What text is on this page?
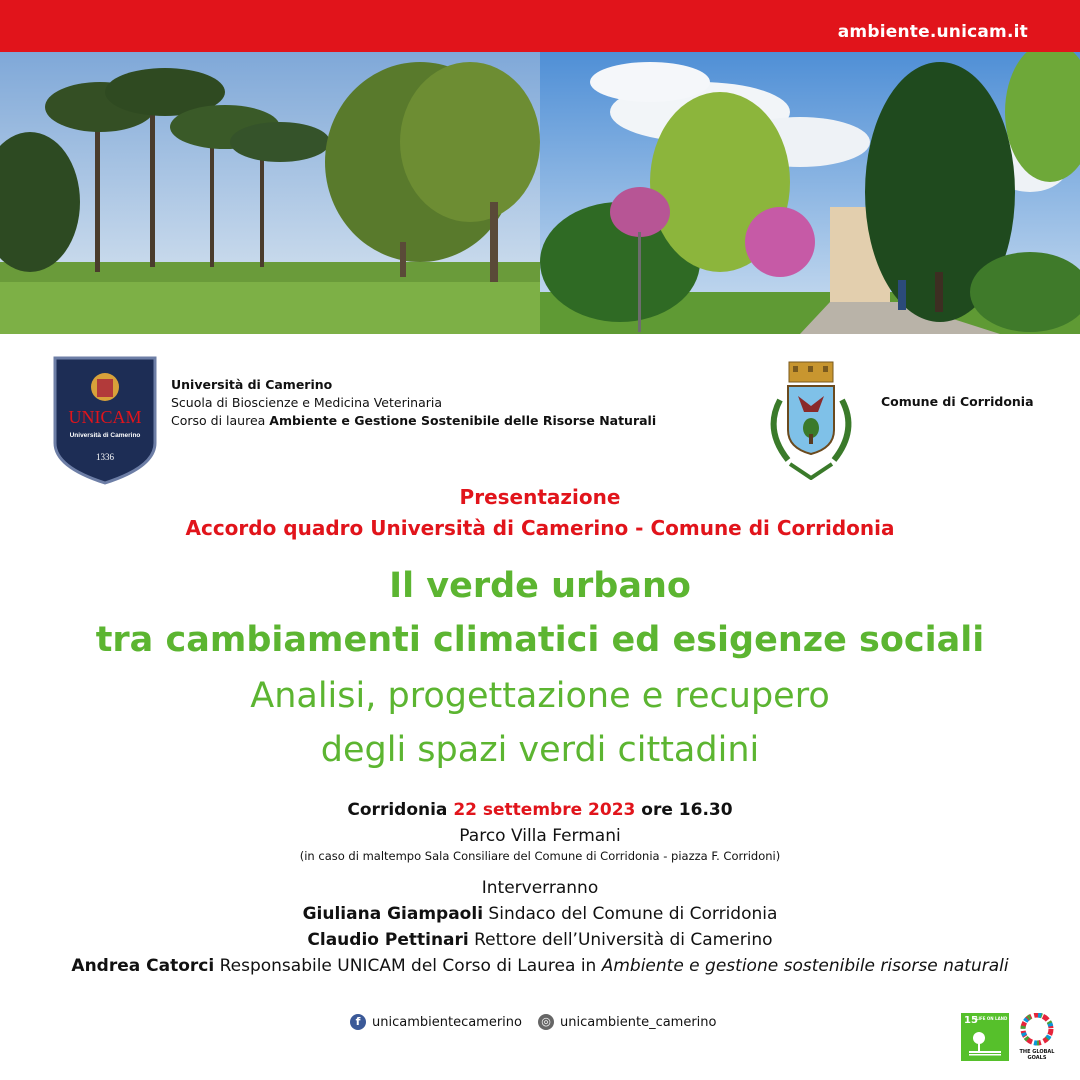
ambiente.unicam.it
UNICAM
Università di Camerino
1336
Università di Camerino
Scuola di Bioscienze e Medicina Veterinaria
Corso di laurea Ambiente e Gestione Sostenibile delle Risorse Naturali
Comune di Corridonia
Presentazione
Accordo quadro Università di Camerino - Comune di Corridonia
Il verde urbano
tra cambiamenti climatici ed esigenze sociali
Analisi, progettazione e recupero
degli spazi verdi cittadini
Corridonia 22 settembre 2023 ore 16.30
Parco Villa Fermani
(in caso di maltempo Sala Consiliare del Comune di Corridonia - piazza F. Corridoni)
Interverranno
Giuliana Giampaoli Sindaco del Comune di Corridonia
Claudio Pettinari Rettore dell’Università di Camerino
Andrea Catorci Responsabile UNICAM del Corso di Laurea in Ambiente e gestione sostenibile risorse naturali
f unicambientecamerino ◎ unicambiente_camerino	15
LIFE ON LAND
THE GLOBAL GOALS
